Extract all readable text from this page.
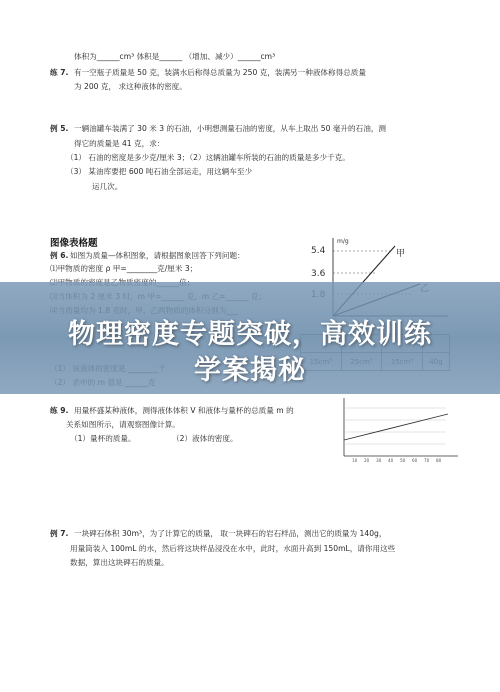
体积为______cm³ 体积是______ （增加、减少）______cm³
练 7. 有一空瓶子质量是 50 克，装满水后称得总质量为 250 克，装满另一种液体称得总质量
为 200 克， 求这种液体的密度。
例 5. 一辆油罐车装满了 30 米 3 的石油，小明想测量石油的密度，从车上取出 50 毫升的石油，测
得它的质量是 41 克，求：
（1） 石油的密度是多少克/厘米 3；（2）这辆油罐车所装的石油的质量是多少千克。
（3） 某油库要把 600 吨石油全部运走，用这辆车至少
运几次。
图像表格题
例 6. 如图为质量—体积图象，请根据图象回答下列问题：
⑴甲物质的密度 ρ 甲=________克/厘米 3；
m/g
5.4
3.6
甲

练 9. 用量杯盛某种液体，测得液体体积 V 和液体与量杯的总质量 m 的
关系如图所示，请观察图像计算。
（1）量杯的质量。	（2）液体的密度。
10 20 30 40 50 60 70 80
例 7. 一块碑石体积 30m³，为了计算它的质量， 取一块碑石的岩石样品，测出它的质量为 140g，
用量筒装入 100mL 的水，然后将这块样品浸没在水中，此时，水面升高到 150mL，请你用这些
数据，算出这块碑石的质量。
物理密度专题突破，高效训练
学案揭秘
